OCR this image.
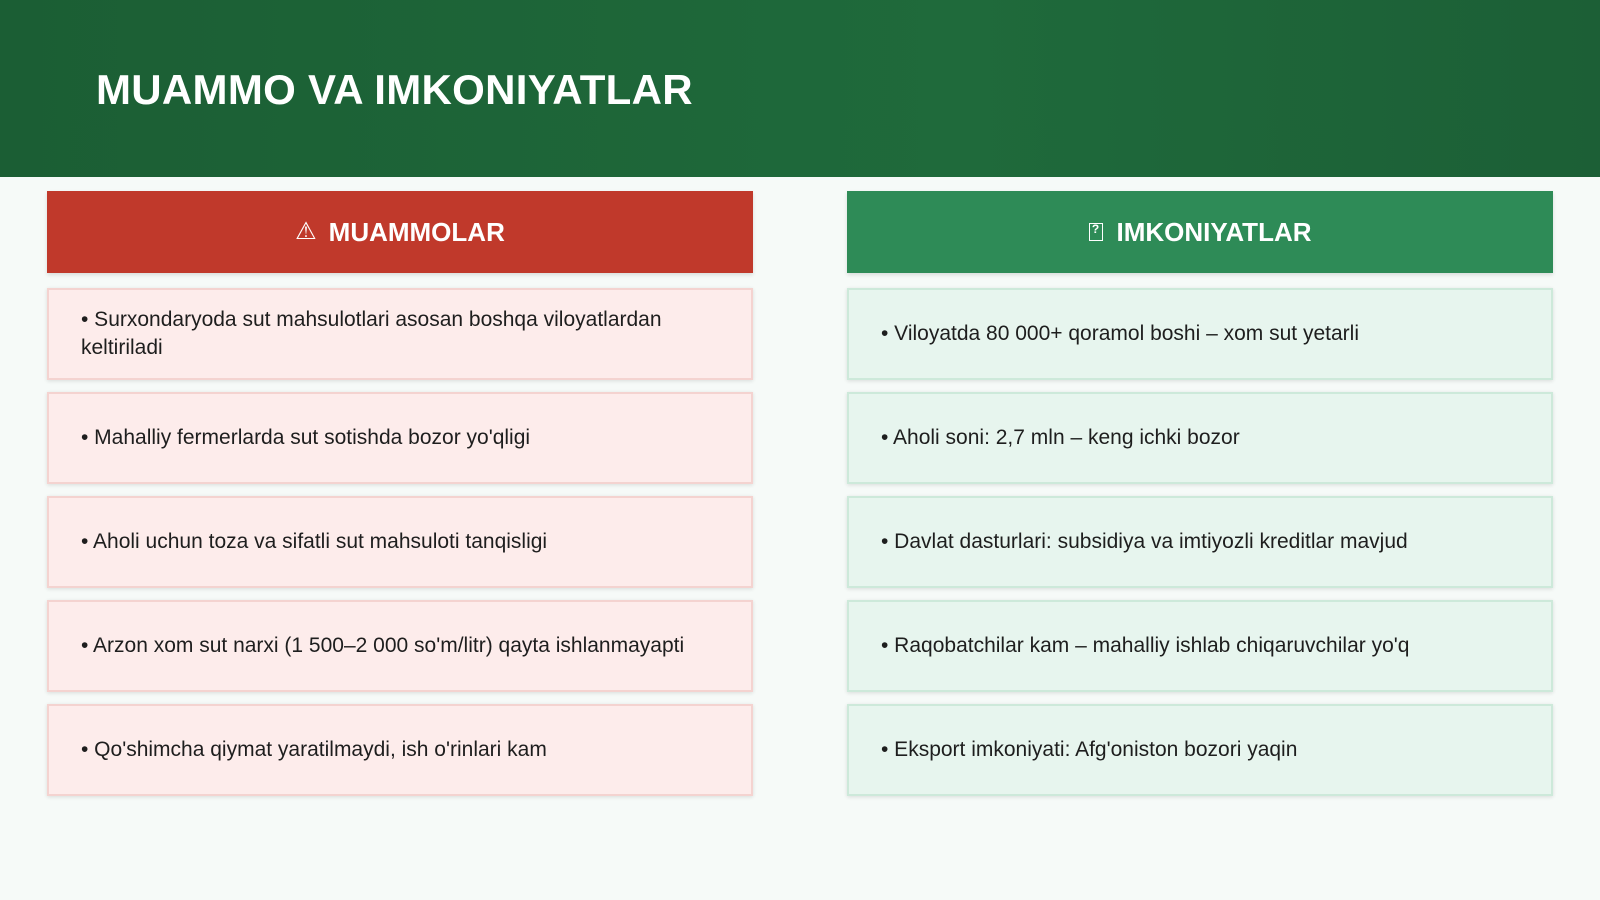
MUAMMO VA IMKONIYATLAR
⚠ MUAMMOLAR
• Surxondaryoda sut mahsulotlari asosan boshqa viloyatlardan keltiriladi
• Mahalliy fermerlarda sut sotishda bozor yo'qligi
• Aholi uchun toza va sifatli sut mahsuloti tanqisligi
• Arzon xom sut narxi (1 500–2 000 so'm/litr) qayta ishlanmayapti
• Qo'shimcha qiymat yaratilmaydi, ish o'rinlari kam
?
IMKONIYATLAR
• Viloyatda 80 000+ qoramol boshi – xom sut yetarli
• Aholi soni: 2,7 mln – keng ichki bozor
• Davlat dasturlari: subsidiya va imtiyozli kreditlar mavjud
• Raqobatchilar kam – mahalliy ishlab chiqaruvchilar yo'q
• Eksport imkoniyati: Afg'oniston bozori yaqin
